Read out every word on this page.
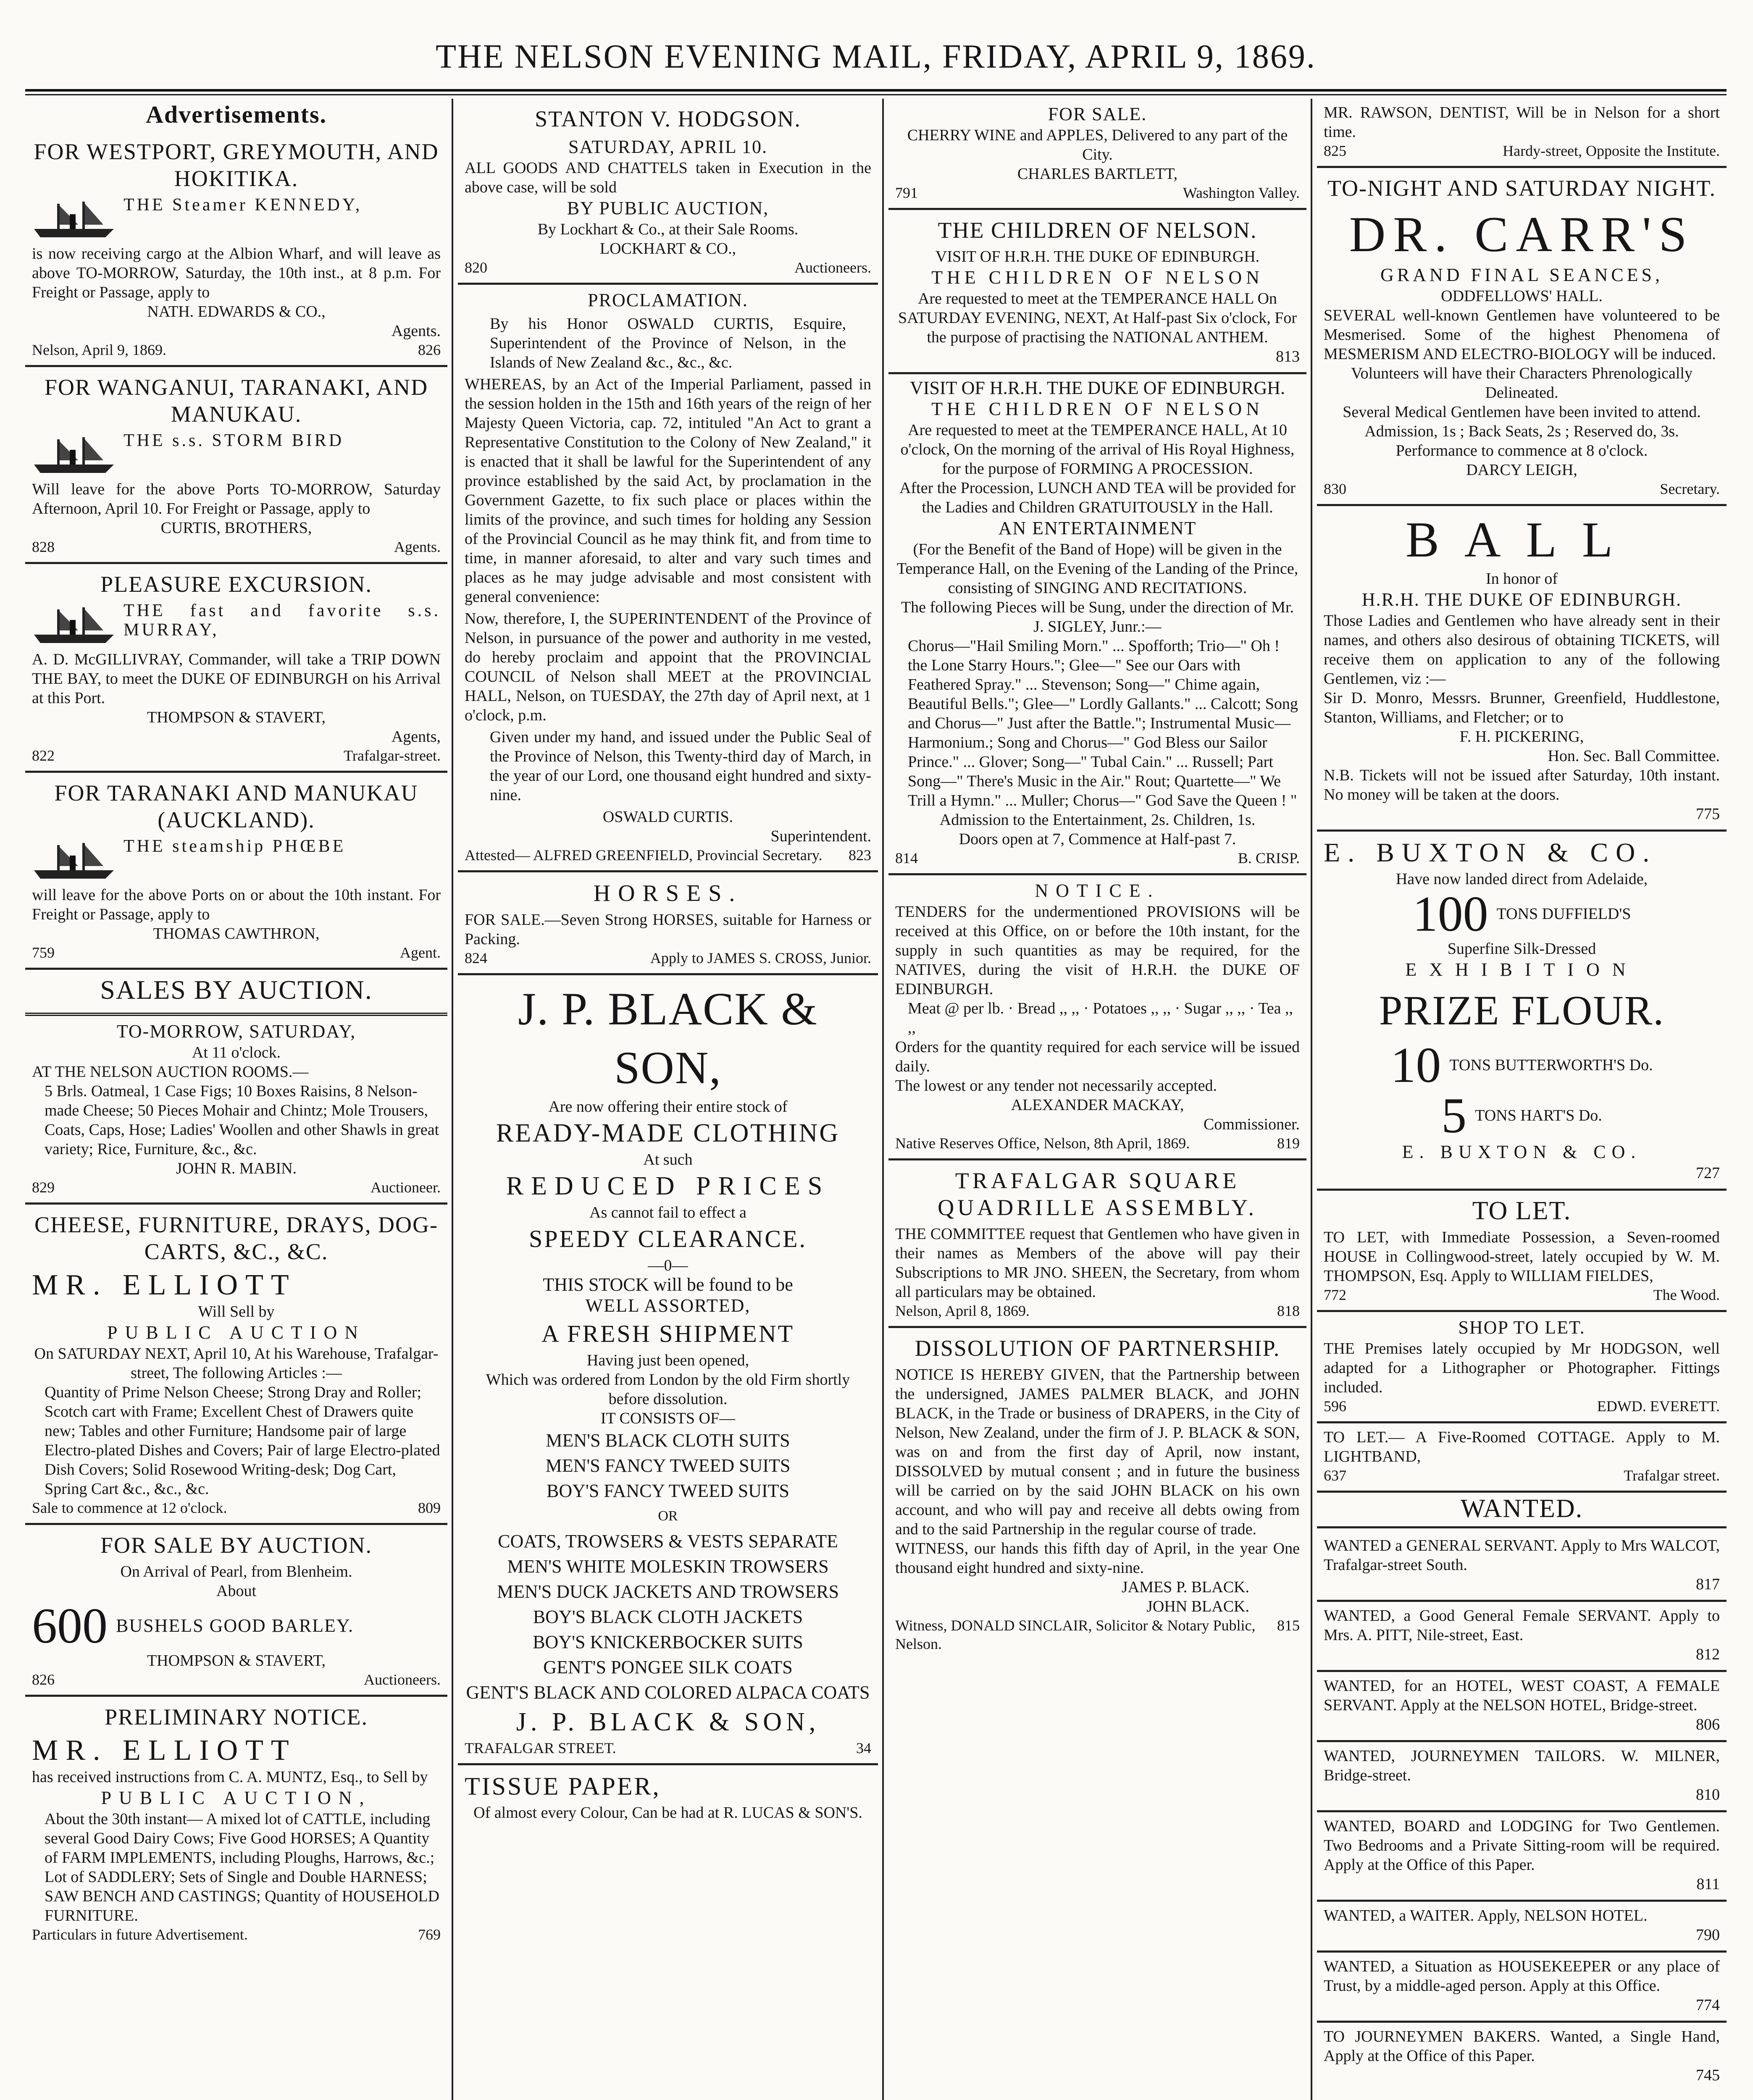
THE NELSON EVENING MAIL, FRIDAY, APRIL 9, 1869.
Advertisements.
FOR WESTPORT, GREYMOUTH, AND HOKITIKA.
THE Steamer KENNEDY,
is now receiving cargo at the Albion Wharf, and will leave as above TO-MORROW, Saturday, the 10th inst., at 8 p.m. For Freight or Passage, apply to
NATH. EDWARDS & CO.,
Agents.
Nelson, April 9, 1869.	826
FOR WANGANUI, TARANAKI, AND MANUKAU.
THE s.s. STORM BIRD
Will leave for the above Ports TO-MORROW, Saturday Afternoon, April 10. For Freight or Passage, apply to
CURTIS, BROTHERS,
828	Agents.
PLEASURE EXCURSION.
THE fast and favorite s.s. MURRAY,
A. D. McGILLIVRAY, Commander, will take a TRIP DOWN THE BAY, to meet the DUKE OF EDINBURGH on his Arrival at this Port.
THOMPSON & STAVERT,
Agents,
822	Trafalgar-street.
FOR TARANAKI AND MANUKAU (AUCKLAND).
THE steamship PHŒBE
will leave for the above Ports on or about the 10th instant. For Freight or Passage, apply to
THOMAS CAWTHRON,
759	Agent.
SALES BY AUCTION.
TO-MORROW, SATURDAY,
At 11 o'clock.
AT THE NELSON AUCTION ROOMS.—
5 Brls. Oatmeal, 1 Case Figs; 10 Boxes Raisins, 8 Nelson-made Cheese; 50 Pieces Mohair and Chintz; Mole Trousers, Coats, Caps, Hose; Ladies' Woollen and other Shawls in great variety; Rice, Furniture, &c., &c.
JOHN R. MABIN.
829	Auctioneer.
CHEESE, FURNITURE, DRAYS, DOG-CARTS, &C., &C.
MR. ELLIOTT
Will Sell by
PUBLIC AUCTION
On SATURDAY NEXT, April 10, At his Warehouse, Trafalgar-street, The following Articles :—
Quantity of Prime Nelson Cheese; Strong Dray and Roller; Scotch cart with Frame; Excellent Chest of Drawers quite new; Tables and other Furniture; Handsome pair of large Electro-plated Dishes and Covers; Pair of large Electro-plated Dish Covers; Solid Rosewood Writing-desk; Dog Cart, Spring Cart &c., &c., &c.
Sale to commence at 12 o'clock.	809
FOR SALE BY AUCTION.
On Arrival of Pearl, from Blenheim.
About
600 BUSHELS GOOD BARLEY.
THOMPSON & STAVERT,
826	Auctioneers.
PRELIMINARY NOTICE.
MR. ELLIOTT
has received instructions from C. A. MUNTZ, Esq., to Sell by
PUBLIC AUCTION,
About the 30th instant— A mixed lot of CATTLE, including several Good Dairy Cows; Five Good HORSES; A Quantity of FARM IMPLEMENTS, including Ploughs, Harrows, &c.; Lot of SADDLERY; Sets of Single and Double HARNESS; SAW BENCH AND CASTINGS; Quantity of HOUSEHOLD FURNITURE.
Particulars in future Advertisement.	769
STANTON V. HODGSON.
SATURDAY, APRIL 10.
ALL GOODS AND CHATTELS taken in Execution in the above case, will be sold
BY PUBLIC AUCTION,
By Lockhart & Co., at their Sale Rooms.
LOCKHART & CO.,
820	Auctioneers.
PROCLAMATION.
By his Honor OSWALD CURTIS, Esquire, Superintendent of the Province of Nelson, in the Islands of New Zealand &c., &c., &c.
WHEREAS, by an Act of the Imperial Parliament, passed in the session holden in the 15th and 16th years of the reign of her Majesty Queen Victoria, cap. 72, intituled "An Act to grant a Representative Constitution to the Colony of New Zealand," it is enacted that it shall be lawful for the Superintendent of any province established by the said Act, by proclamation in the Government Gazette, to fix such place or places within the limits of the province, and such times for holding any Session of the Provincial Council as he may think fit, and from time to time, in manner aforesaid, to alter and vary such times and places as he may judge advisable and most consistent with general convenience:
Now, therefore, I, the SUPERINTENDENT of the Province of Nelson, in pursuance of the power and authority in me vested, do hereby proclaim and appoint that the PROVINCIAL COUNCIL of Nelson shall MEET at the PROVINCIAL HALL, Nelson, on TUESDAY, the 27th day of April next, at 1 o'clock, p.m.
Given under my hand, and issued under the Public Seal of the Province of Nelson, this Twenty-third day of March, in the year of our Lord, one thousand eight hundred and sixty-nine.
OSWALD CURTIS.
Superintendent.
Attested— ALFRED GREENFIELD, Provincial Secretary. 823
HORSES.
FOR SALE.—Seven Strong HORSES, suitable for Harness or Packing.
824	Apply to JAMES S. CROSS, Junior.
J. P. BLACK & SON,
Are now offering their entire stock of
READY-MADE CLOTHING
At such
REDUCED PRICES
As cannot fail to effect a
SPEEDY CLEARANCE.
—0—
THIS STOCK will be found to be
WELL ASSORTED,
A FRESH SHIPMENT
Having just been opened,
Which was ordered from London by the old Firm shortly before dissolution.
IT CONSISTS OF—
MEN'S BLACK CLOTH SUITS
MEN'S FANCY TWEED SUITS
BOY'S FANCY TWEED SUITS
OR
COATS, TROWSERS & VESTS SEPARATE
MEN'S WHITE MOLESKIN TROWSERS
MEN'S DUCK JACKETS AND TROWSERS
BOY'S BLACK CLOTH JACKETS
BOY'S KNICKERBOCKER SUITS
GENT'S PONGEE SILK COATS
GENT'S BLACK AND COLORED ALPACA COATS
J. P. BLACK & SON,
TRAFALGAR STREET.	34
TISSUE PAPER,
Of almost every Colour, Can be had at R. LUCAS & SON'S.
FOR SALE.
CHERRY WINE and APPLES, Delivered to any part of the City.
CHARLES BARTLETT,
791	Washington Valley.
THE CHILDREN OF NELSON.
VISIT OF H.R.H. THE DUKE OF EDINBURGH.
THE CHILDREN OF NELSON
Are requested to meet at the TEMPERANCE HALL On SATURDAY EVENING, NEXT, At Half-past Six o'clock, For the purpose of practising the NATIONAL ANTHEM.
813
VISIT OF H.R.H. THE DUKE OF EDINBURGH.
THE CHILDREN OF NELSON
Are requested to meet at the TEMPERANCE HALL, At 10 o'clock, On the morning of the arrival of His Royal Highness, for the purpose of FORMING A PROCESSION.
After the Procession, LUNCH AND TEA will be provided for the Ladies and Children GRATUITOUSLY in the Hall.
AN ENTERTAINMENT
(For the Benefit of the Band of Hope) will be given in the Temperance Hall, on the Evening of the Landing of the Prince, consisting of SINGING AND RECITATIONS.
The following Pieces will be Sung, under the direction of Mr. J. SIGLEY, Junr.:—
Chorus—"Hail Smiling Morn." ... Spofforth; Trio—" Oh ! the Lone Starry Hours."; Glee—" See our Oars with Feathered Spray." ... Stevenson; Song—" Chime again, Beautiful Bells."; Glee—" Lordly Gallants." ... Calcott; Song and Chorus—" Just after the Battle."; Instrumental Music—Harmonium.; Song and Chorus—" God Bless our Sailor Prince." ... Glover; Song—" Tubal Cain." ... Russell; Part Song—" There's Music in the Air." Rout; Quartette—" We Trill a Hymn." ... Muller; Chorus—" God Save the Queen ! "
Admission to the Entertainment, 2s. Children, 1s.
Doors open at 7, Commence at Half-past 7.
814	B. CRISP.
NOTICE.
TENDERS for the undermentioned PROVISIONS will be received at this Office, on or before the 10th instant, for the supply in such quantities as may be required, for the NATIVES, during the visit of H.R.H. the DUKE OF EDINBURGH.
Meat @ per lb. · Bread ,, ,, · Potatoes ,, ,, · Sugar ,, ,, · Tea ,, ,,
Orders for the quantity required for each service will be issued daily.
The lowest or any tender not necessarily accepted.
ALEXANDER MACKAY,
Commissioner.
Native Reserves Office, Nelson, 8th April, 1869.	819
TRAFALGAR SQUARE QUADRILLE ASSEMBLY.
THE COMMITTEE request that Gentlemen who have given in their names as Members of the above will pay their Subscriptions to MR JNO. SHEEN, the Secretary, from whom all particulars may be obtained.
Nelson, April 8, 1869.	818
DISSOLUTION OF PARTNERSHIP.
NOTICE IS HEREBY GIVEN, that the Partnership between the undersigned, JAMES PALMER BLACK, and JOHN BLACK, in the Trade or business of DRAPERS, in the City of Nelson, New Zealand, under the firm of J. P. BLACK & SON, was on and from the first day of April, now instant, DISSOLVED by mutual consent ; and in future the business will be carried on by the said JOHN BLACK on his own account, and who will pay and receive all debts owing from and to the said Partnership in the regular course of trade.
WITNESS, our hands this fifth day of April, in the year One thousand eight hundred and sixty-nine.
JAMES P. BLACK.
JOHN BLACK.
Witness, DONALD SINCLAIR, Solicitor & Notary Public, Nelson.
815
MR. RAWSON, DENTIST, Will be in Nelson for a short time.
825	Hardy-street, Opposite the Institute.
TO-NIGHT AND SATURDAY NIGHT.
DR. CARR'S
GRAND FINAL SEANCES,
ODDFELLOWS' HALL.
SEVERAL well-known Gentlemen have volunteered to be Mesmerised. Some of the highest Phenomena of MESMERISM AND ELECTRO-BIOLOGY will be induced.
Volunteers will have their Characters Phrenologically Delineated.
Several Medical Gentlemen have been invited to attend.
Admission, 1s ; Back Seats, 2s ; Reserved do, 3s.
Performance to commence at 8 o'clock.
DARCY LEIGH,
830	Secretary.
BALL
In honor of
H.R.H. THE DUKE OF EDINBURGH.
Those Ladies and Gentlemen who have already sent in their names, and others also desirous of obtaining TICKETS, will receive them on application to any of the following Gentlemen, viz :—
Sir D. Monro, Messrs. Brunner, Greenfield, Huddlestone, Stanton, Williams, and Fletcher; or to
F. H. PICKERING,
Hon. Sec. Ball Committee.
N.B. Tickets will not be issued after Saturday, 10th instant. No money will be taken at the doors.
775
E. BUXTON & CO.
Have now landed direct from Adelaide,
100 TONS DUFFIELD'S
Superfine Silk-Dressed
EXHIBITION
PRIZE FLOUR.
10 TONS BUTTERWORTH'S Do.
5 TONS HART'S Do.
E. BUXTON & CO.
727
TO LET.
TO LET, with Immediate Possession, a Seven-roomed HOUSE in Collingwood-street, lately occupied by W. M. THOMPSON, Esq. Apply to WILLIAM FIELDES,
772	The Wood.
SHOP TO LET.
THE Premises lately occupied by Mr HODGSON, well adapted for a Lithographer or Photographer. Fittings included.
596	EDWD. EVERETT.
TO LET.— A Five-Roomed COTTAGE. Apply to M. LIGHTBAND,
637	Trafalgar street.
WANTED.
WANTED a GENERAL SERVANT. Apply to Mrs WALCOT, Trafalgar-street South.
817
WANTED, a Good General Female SERVANT. Apply to Mrs. A. PITT, Nile-street, East.
812
WANTED, for an HOTEL, WEST COAST, A FEMALE SERVANT. Apply at the NELSON HOTEL, Bridge-street.
806
WANTED, JOURNEYMEN TAILORS. W. MILNER, Bridge-street.
810
WANTED, BOARD and LODGING for Two Gentlemen. Two Bedrooms and a Private Sitting-room will be required. Apply at the Office of this Paper.
811
WANTED, a WAITER. Apply, NELSON HOTEL.
790
WANTED, a Situation as HOUSEKEEPER or any place of Trust, by a middle-aged person. Apply at this Office.
774
TO JOURNEYMEN BAKERS. Wanted, a Single Hand, Apply at the Office of this Paper.
745
